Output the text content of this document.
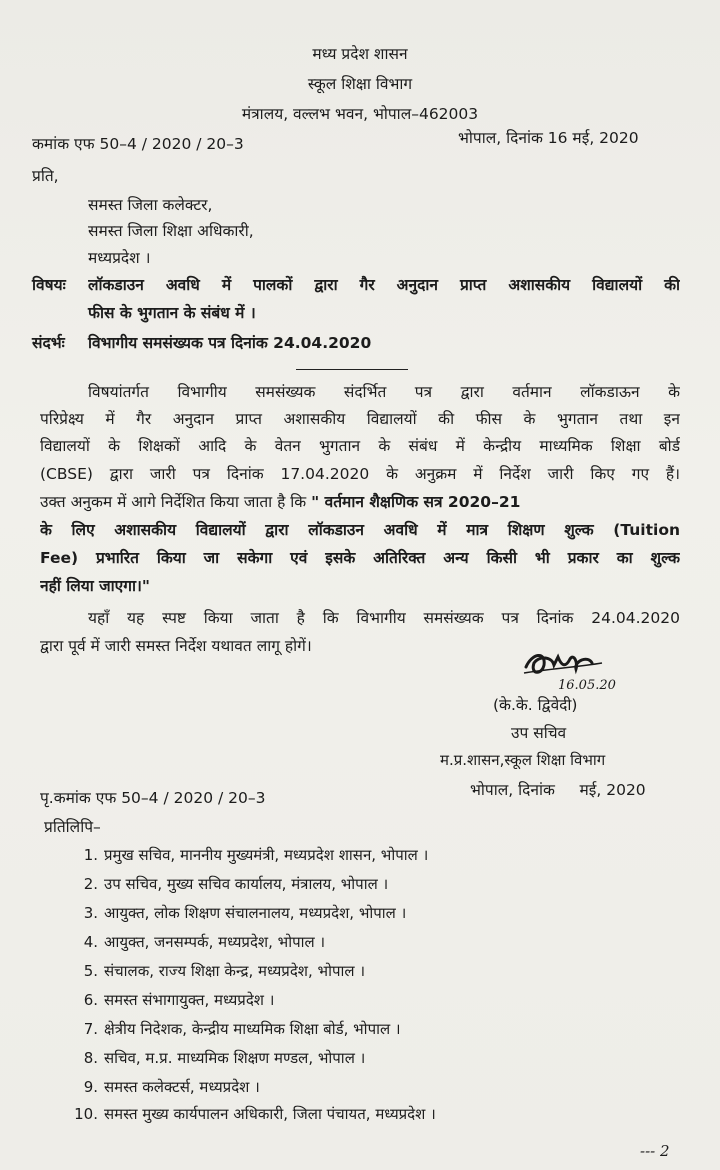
मध्य प्रदेश शासन
स्कूल शिक्षा विभाग
मंत्रालय, वल्लभ भवन, भोपाल–462003
कमांक एफ 50–4 / 2020 / 20–3	भोपाल, दिनांक 16 मई, 2020
प्रति,
समस्त जिला कलेक्टर,
समस्त जिला शिक्षा अधिकारी,
मध्यप्रदेश ।
विषयः लॉकडाउन अवधि में पालकों द्वारा गैर अनुदान प्राप्त अशासकीय विद्यालयों की
फीस के भुगतान के संबंध में ।
संदर्भः विभागीय समसंख्यक पत्र दिनांक 24.04.2020
विषयांतर्गत विभागीय समसंख्यक संदर्भित पत्र द्वारा वर्तमान लॉकडाऊन के
परिप्रेक्ष्य में गैर अनुदान प्राप्त अशासकीय विद्यालयों की फीस के भुगतान तथा इन
विद्यालयों के शिक्षकों आदि के वेतन भुगतान के संबंध में केन्द्रीय माध्यमिक शिक्षा बोर्ड
(CBSE) द्वारा जारी पत्र दिनांक 17.04.2020 के अनुक्रम में निर्देश जारी किए गए हैं।
उक्त अनुकम में आगे निर्देशित किया जाता है कि " वर्तमान शैक्षणिक सत्र 2020–21
के लिए अशासकीय विद्यालयों द्वारा लॉकडाउन अवधि में मात्र शिक्षण शुल्क (Tuition
Fee) प्रभारित किया जा सकेगा एवं इसके अतिरिक्त अन्य किसी भी प्रकार का शुल्क
नहीं लिया जाएगा।"
यहॉं यह स्पष्ट किया जाता है कि विभागीय समसंख्यक पत्र दिनांक 24.04.2020
द्वारा पूर्व में जारी समस्त निर्देश यथावत लागू होगें।
16.05.20
(के.के. द्विवेदी)
उप सचिव
म.प्र.शासन,स्कूल शिक्षा विभाग
पृ.कमांक एफ 50–4 / 2020 / 20–3	भोपाल, दिनांक     मई, 2020
प्रतिलिपि–
1. प्रमुख सचिव, माननीय मुख्यमंत्री, मध्यप्रदेश शासन, भोपाल ।
2. उप सचिव, मुख्य सचिव कार्यालय, मंत्रालय, भोपाल ।
3. आयुक्त, लोक शिक्षण संचालनालय, मध्यप्रदेश, भोपाल ।
4. आयुक्त, जनसम्पर्क, मध्यप्रदेश, भोपाल ।
5. संचालक, राज्य शिक्षा केन्द्र, मध्यप्रदेश, भोपाल ।
6. समस्त संभागायुक्त, मध्यप्रदेश ।
7. क्षेत्रीय निदेशक, केन्द्रीय माध्यमिक शिक्षा बोर्ड, भोपाल ।
8. सचिव, म.प्र. माध्यमिक शिक्षण मण्डल, भोपाल ।
9. समस्त कलेक्टर्स, मध्यप्रदेश ।
10. समस्त मुख्य कार्यपालन अधिकारी, जिला पंचायत, मध्यप्रदेश ।
--- 2
